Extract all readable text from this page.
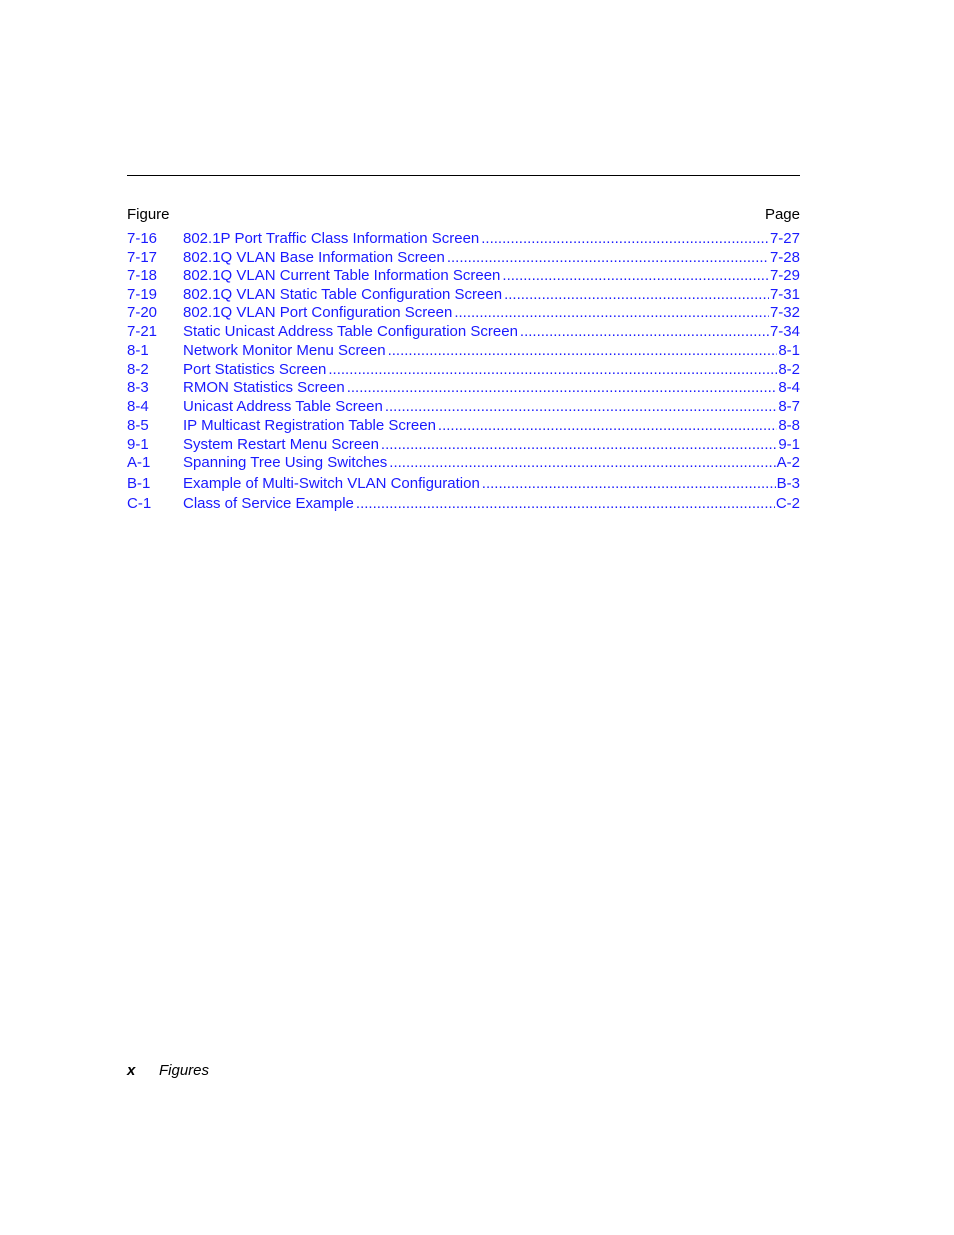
Figure	Page
7-16	802.1P Port Traffic Class Information Screen .....	7-27
7-17	802.1Q VLAN Base Information Screen .....	7-28
7-18	802.1Q VLAN Current Table Information Screen .....	7-29
7-19	802.1Q VLAN Static Table Configuration Screen .....	7-31
7-20	802.1Q VLAN Port Configuration Screen .....	7-32
7-21	Static Unicast Address Table Configuration Screen .....	7-34
8-1	Network Monitor Menu Screen .....	8-1
8-2	Port Statistics Screen .....	8-2
8-3	RMON Statistics Screen .....	8-4
8-4	Unicast Address Table Screen .....	8-7
8-5	IP Multicast Registration Table Screen .....	8-8
9-1	System Restart Menu Screen .....	9-1
A-1	Spanning Tree Using Switches .....	A-2
B-1	Example of Multi-Switch VLAN Configuration .....	B-3
C-1	Class of Service Example .....	C-2
x Figures
